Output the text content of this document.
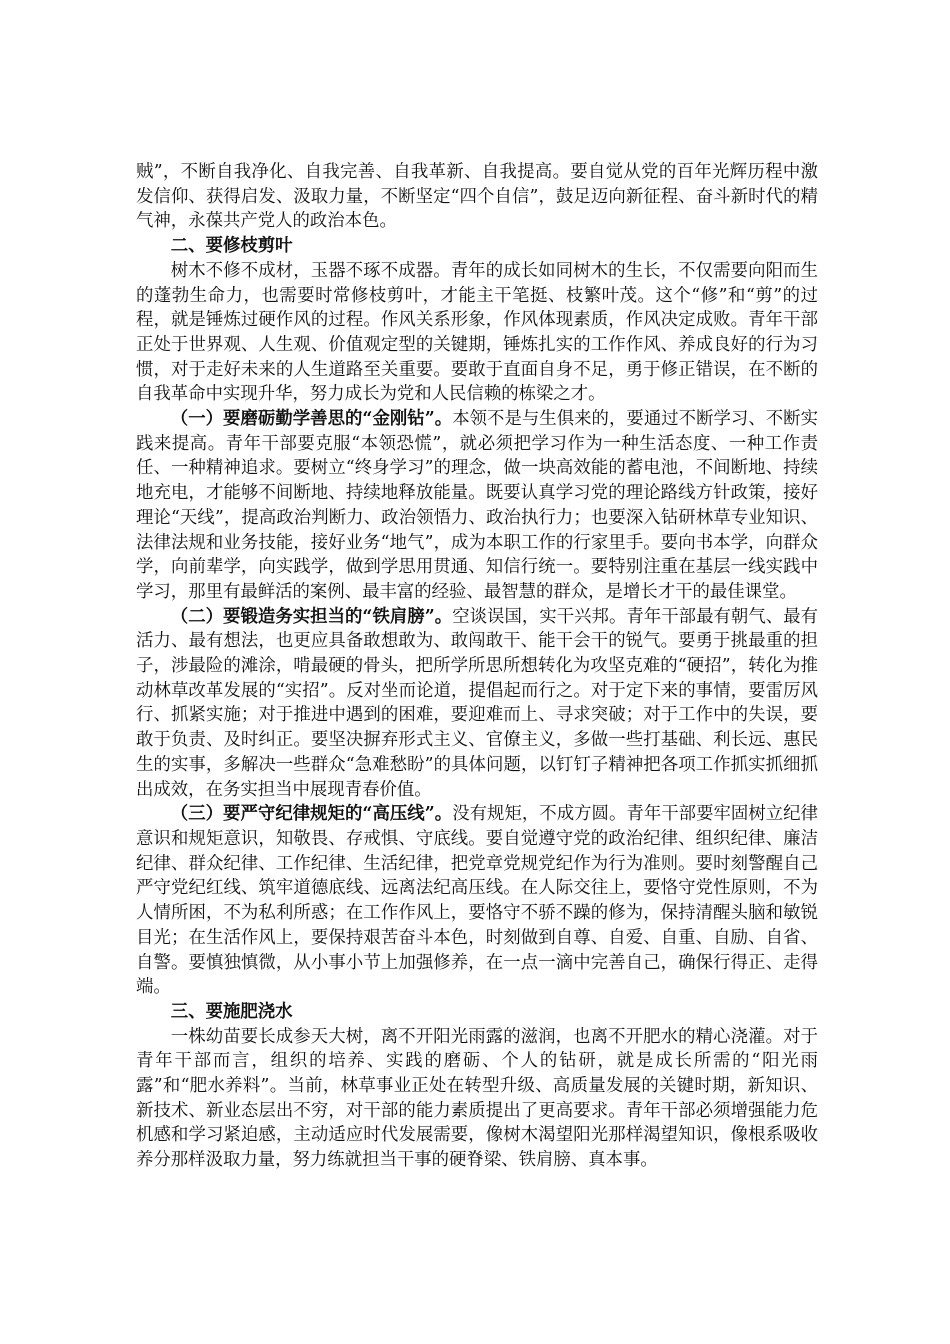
贼”，不断自我净化、自我完善、自我革新、自我提高。要自觉从党的百年光辉历程中激发信仰、获得启发、汲取力量，不断坚定“四个自信”，鼓足迈向新征程、奋斗新时代的精气神，永葆共产党人的政治本色。

二、要修枝剪叶

树木不修不成材，玉器不琢不成器。青年的成长如同树木的生长，不仅需要向阳而生的蓬勃生命力，也需要时常修枝剪叶，才能主干笔挺、枝繁叶茂。这个“修”和“剪”的过程，就是锤炼过硬作风的过程。作风关系形象，作风体现素质，作风决定成败。青年干部正处于世界观、人生观、价值观定型的关键期，锤炼扎实的工作作风、养成良好的行为习惯，对于走好未来的人生道路至关重要。要敢于直面自身不足，勇于修正错误，在不断的自我革命中实现升华，努力成长为党和人民信赖的栋梁之才。

（一）要磨砺勤学善思的“金刚钻”。本领不是与生俱来的，要通过不断学习、不断实践来提高。青年干部要克服“本领恐慌”，就必须把学习作为一种生活态度、一种工作责任、一种精神追求。要树立“终身学习”的理念，做一块高效能的蓄电池，不间断地、持续地充电，才能够不间断地、持续地释放能量。既要认真学习党的理论路线方针政策，接好理论“天线”，提高政治判断力、政治领悟力、政治执行力；也要深入钻研林草专业知识、法律法规和业务技能，接好业务“地气”，成为本职工作的行家里手。要向书本学，向群众学，向前辈学，向实践学，做到学思用贯通、知信行统一。要特别注重在基层一线实践中学习，那里有最鲜活的案例、最丰富的经验、最智慧的群众，是增长才干的最佳课堂。

（二）要锻造务实担当的“铁肩膀”。空谈误国，实干兴邦。青年干部最有朝气、最有活力、最有想法，也更应具备敢想敢为、敢闯敢干、能干会干的锐气。要勇于挑最重的担子，涉最险的滩涂，啃最硬的骨头，把所学所思所想转化为攻坚克难的“硬招”，转化为推动林草改革发展的“实招”。反对坐而论道，提倡起而行之。对于定下来的事情，要雷厉风行、抓紧实施；对于推进中遇到的困难，要迎难而上、寻求突破；对于工作中的失误，要敢于负责、及时纠正。要坚决摒弃形式主义、官僚主义，多做一些打基础、利长远、惠民生的实事，多解决一些群众“急难愁盼”的具体问题，以钉钉子精神把各项工作抓实抓细抓出成效，在务实担当中展现青春价值。

（三）要严守纪律规矩的“高压线”。没有规矩，不成方圆。青年干部要牢固树立纪律意识和规矩意识，知敬畏、存戒惧、守底线。要自觉遵守党的政治纪律、组织纪律、廉洁纪律、群众纪律、工作纪律、生活纪律，把党章党规党纪作为行为准则。要时刻警醒自己严守党纪红线、筑牢道德底线、远离法纪高压线。在人际交往上，要恪守党性原则，不为人情所困，不为私利所惑；在工作作风上，要恪守不骄不躁的修为，保持清醒头脑和敏锐目光；在生活作风上，要保持艰苦奋斗本色，时刻做到自尊、自爱、自重、自励、自省、自警。要慎独慎微，从小事小节上加强修养，在一点一滴中完善自己，确保行得正、走得端。

三、要施肥浇水

一株幼苗要长成参天大树，离不开阳光雨露的滋润，也离不开肥水的精心浇灌。对于青年干部而言，组织的培养、实践的磨砺、个人的钻研，就是成长所需的“阳光雨露”和“肥水养料”。当前，林草事业正处在转型升级、高质量发展的关键时期，新知识、新技术、新业态层出不穷，对干部的能力素质提出了更高要求。青年干部必须增强能力危机感和学习紧迫感，主动适应时代发展需要，像树木渴望阳光那样渴望知识，像根系吸收养分那样汲取力量，努力练就担当干事的硬脊梁、铁肩膀、真本事。
